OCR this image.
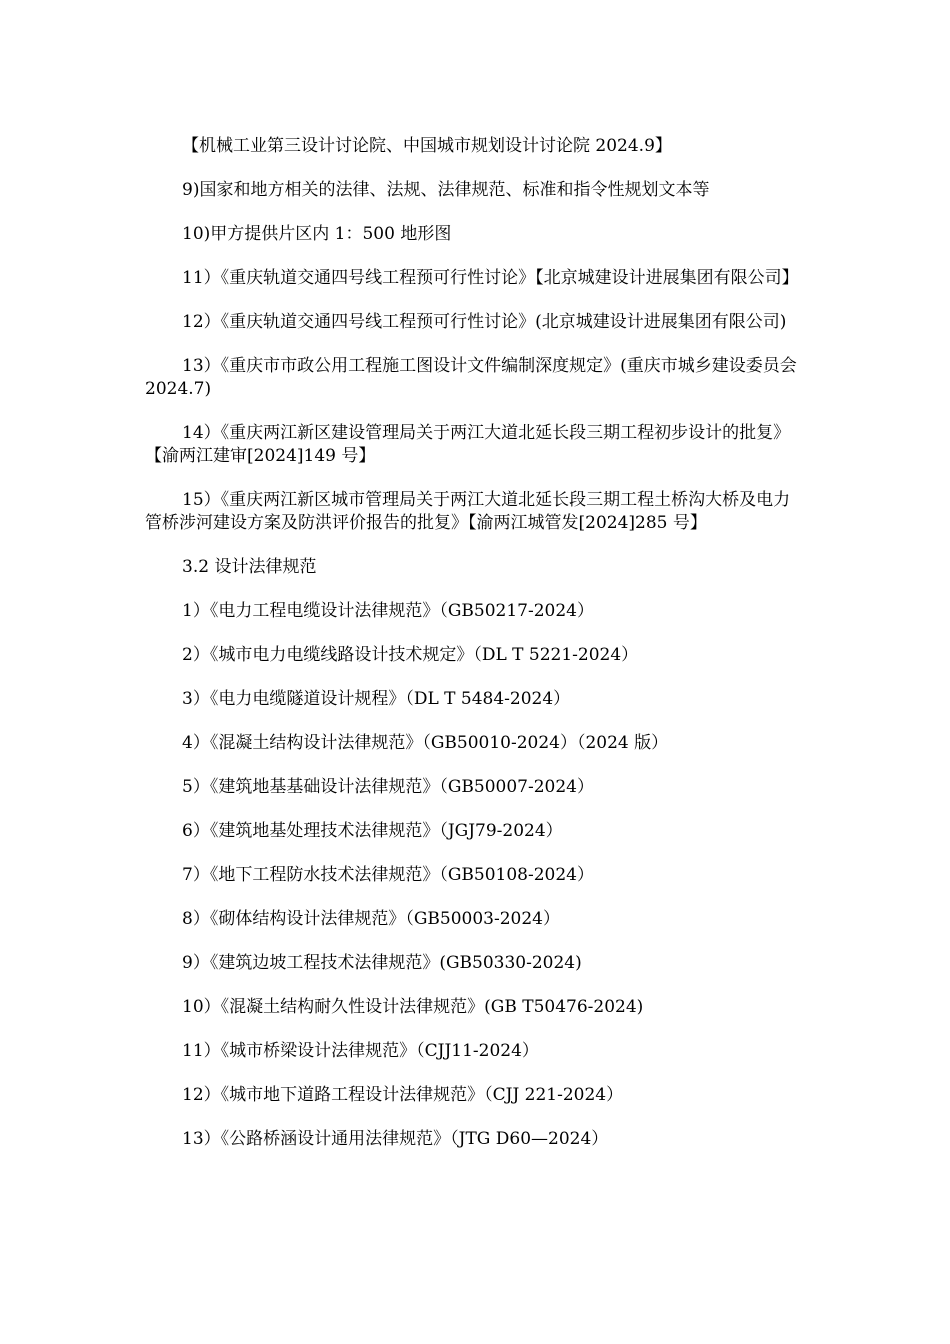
【机械工业第三设计讨论院、中国城市规划设计讨论院 2024.9】

9)国家和地方相关的法律、法规、法律规范、标准和指令性规划文本等

10)甲方提供片区内 1：500 地形图

11）《重庆轨道交通四号线工程预可行性讨论》【北京城建设计进展集团有限公司】

12）《重庆轨道交通四号线工程预可行性讨论》(北京城建设计进展集团有限公司)

13）《重庆市市政公用工程施工图设计文件编制深度规定》(重庆市城乡建设委员会 2024.7)

14）《重庆两江新区建设管理局关于两江大道北延长段三期工程初步设计的批复》【渝两江建审[2024]149 号】

15）《重庆两江新区城市管理局关于两江大道北延长段三期工程土桥沟大桥及电力管桥涉河建设方案及防洪评价报告的批复》【渝两江城管发[2024]285 号】

3.2 设计法律规范

1）《电力工程电缆设计法律规范》（GB50217-2024）

2）《城市电力电缆线路设计技术规定》（DL T 5221-2024）

3）《电力电缆隧道设计规程》（DL T 5484-2024）

4）《混凝土结构设计法律规范》（GB50010-2024）（2024 版）

5）《建筑地基基础设计法律规范》（GB50007-2024）

6）《建筑地基处理技术法律规范》（JGJ79-2024）

7）《地下工程防水技术法律规范》（GB50108-2024）

8）《砌体结构设计法律规范》（GB50003-2024）

9）《建筑边坡工程技术法律规范》(GB50330-2024)

10）《混凝土结构耐久性设计法律规范》(GB T50476-2024)

11）《城市桥梁设计法律规范》（CJJ11-2024）

12）《城市地下道路工程设计法律规范》（CJJ 221-2024）

13）《公路桥涵设计通用法律规范》（JTG D60—2024）
